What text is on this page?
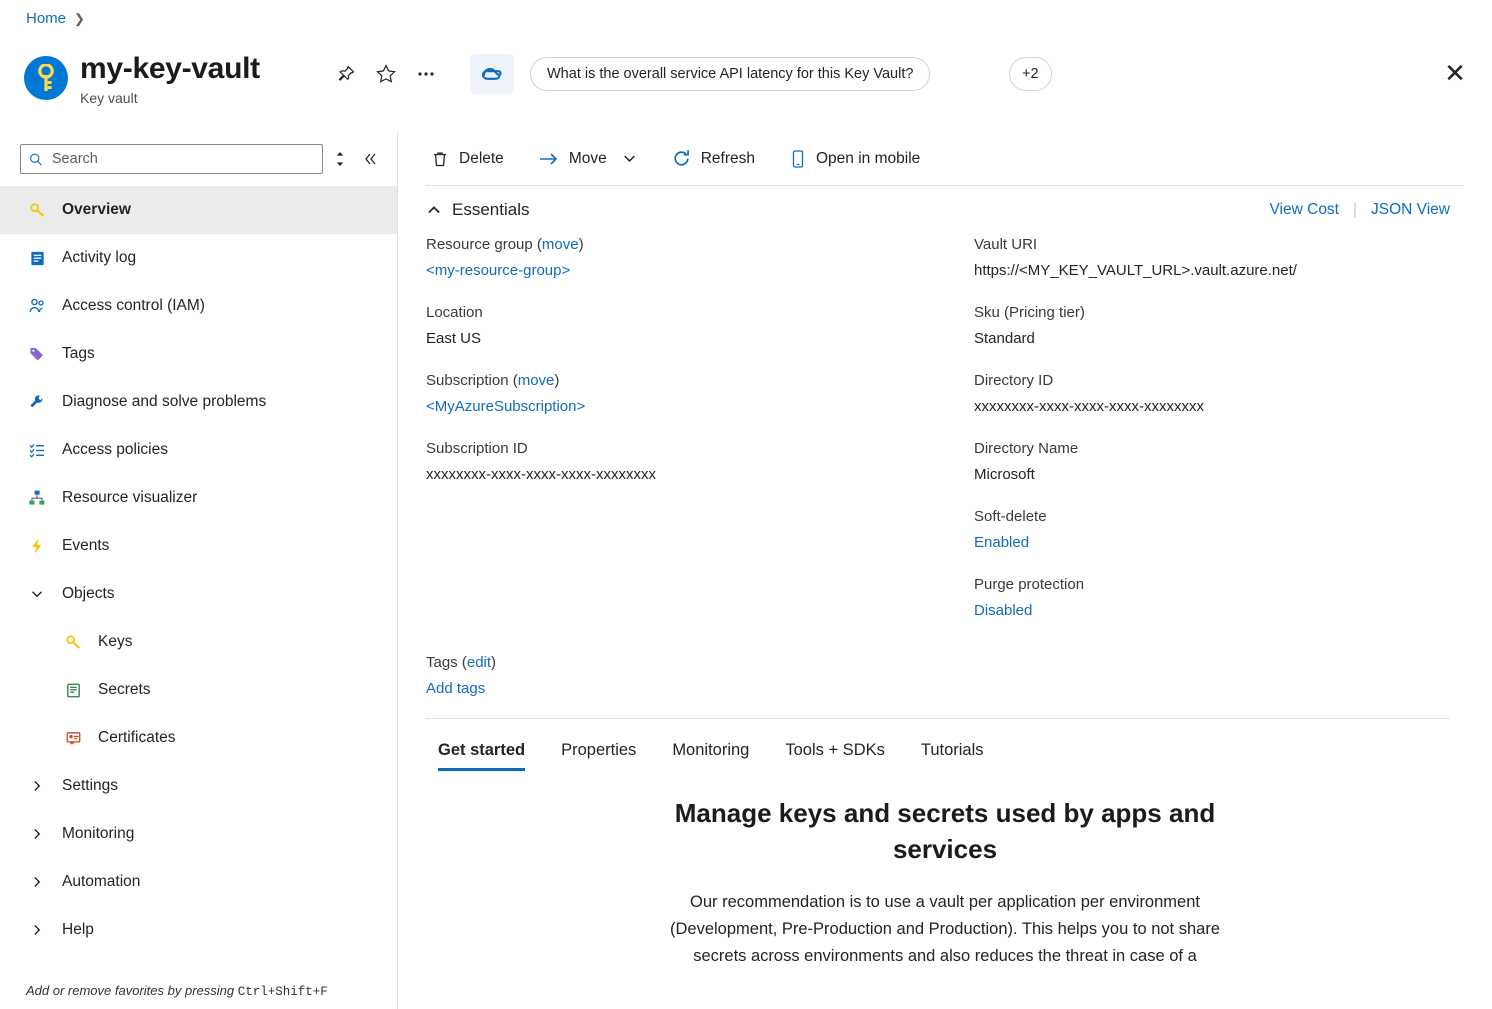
Home ❯
my-key-vault
Key vault
What is the overall service API latency for this Key Vault?	+2	✕
Search
Overview
Activity log
Access control (IAM)
Tags
Diagnose and solve problems
Access policies
Resource visualizer
Events
Objects
Keys
Secrets
Certificates
Settings
Monitoring
Automation
Help
Add or remove favorites by pressing Ctrl+Shift+F
Delete	Move	Refresh	Open in mobile
Essentials	View Cost | JSON View
Resource group (move)
<my-resource-group>
Location
East US
Subscription (move)
<MyAzureSubscription>
Subscription ID
xxxxxxxx-xxxx-xxxx-xxxx-xxxxxxxx
Vault URI
https://<MY_KEY_VAULT_URL>.vault.azure.net/
Sku (Pricing tier)
Standard
Directory ID
xxxxxxxx-xxxx-xxxx-xxxx-xxxxxxxx
Directory Name
Microsoft
Soft-delete
Enabled
Purge protection
Disabled
Tags (edit)
Add tags
Get started Properties Monitoring Tools + SDKs Tutorials
Manage keys and secrets used by apps and services

Our recommendation is to use a vault per application per environment (Development, Pre-Production and Production). This helps you to not share secrets across environments and also reduces the threat in case of a
